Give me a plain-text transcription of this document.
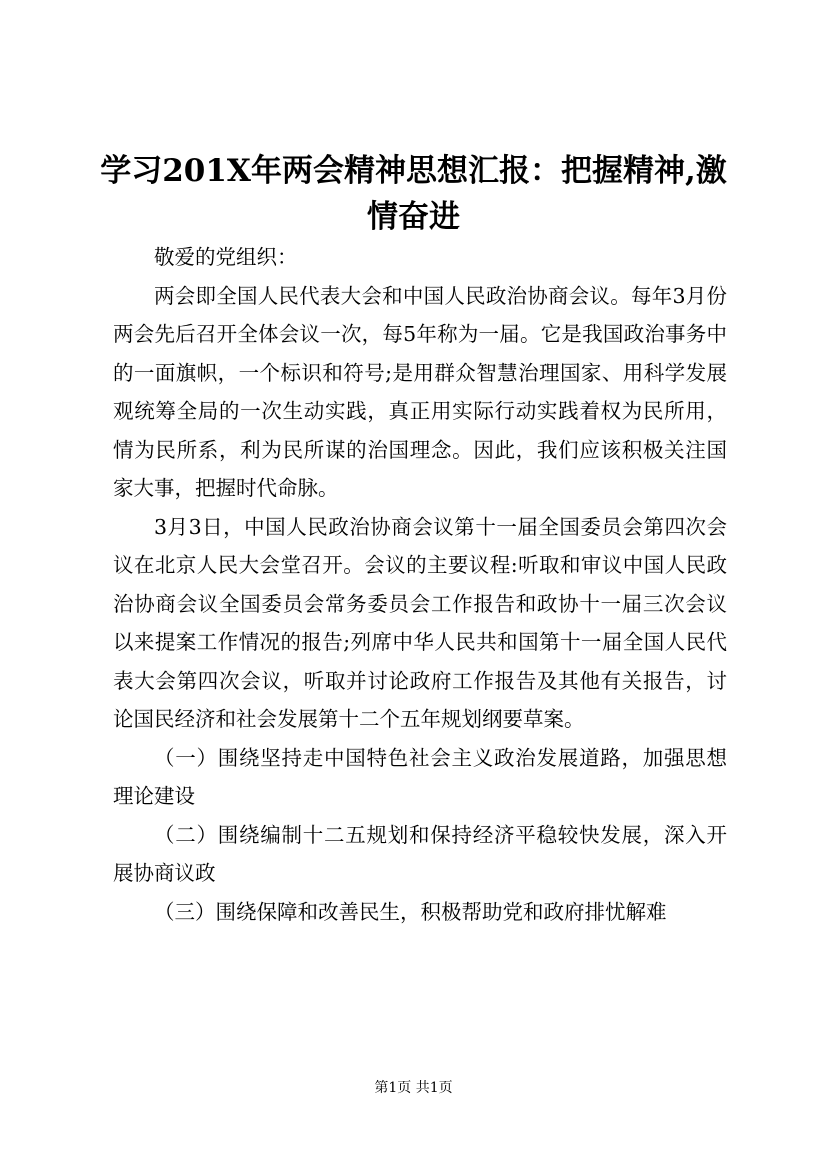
学习201X年两会精神思想汇报：把握精神,激情奋进

敬爱的党组织：

两会即全国人民代表大会和中国人民政治协商会议。每年3月份两会先后召开全体会议一次，每5年称为一届。它是我国政治事务中的一面旗帜，一个标识和符号;是用群众智慧治理国家、用科学发展观统筹全局的一次生动实践，真正用实际行动实践着权为民所用，情为民所系，利为民所谋的治国理念。因此，我们应该积极关注国家大事，把握时代命脉。

3月3日，中国人民政治协商会议第十一届全国委员会第四次会议在北京人民大会堂召开。会议的主要议程:听取和审议中国人民政治协商会议全国委员会常务委员会工作报告和政协十一届三次会议以来提案工作情况的报告;列席中华人民共和国第十一届全国人民代表大会第四次会议，听取并讨论政府工作报告及其他有关报告，讨论国民经济和社会发展第十二个五年规划纲要草案。

（一）围绕坚持走中国特色社会主义政治发展道路，加强思想理论建设

（二）围绕编制十二五规划和保持经济平稳较快发展，深入开展协商议政

（三）围绕保障和改善民生，积极帮助党和政府排忧解难

第1页 共1页
